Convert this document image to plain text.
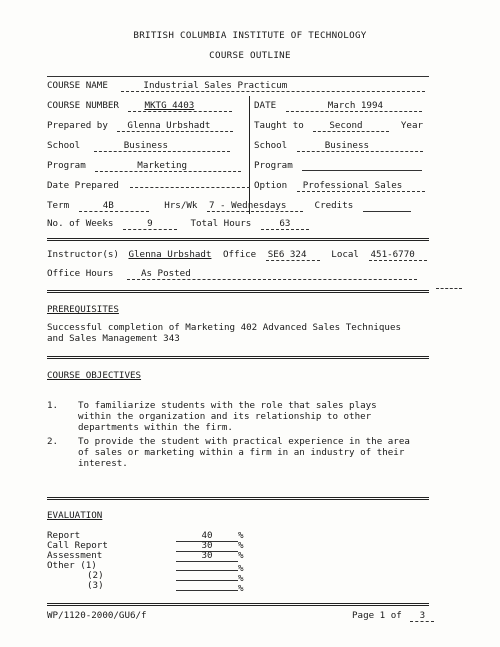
BRITISH COLUMBIA INSTITUTE OF TECHNOLOGY
COURSE OUTLINE
COURSE NAME	Industrial Sales Practicum
COURSE NUMBER	MKTG 4403	DATE	March 1994
Prepared by Glenna Urbshadt	Taught to	Second	Year
School	Business	School	Business
Program	Marketing	Program
Date Prepared	Option Professional Sales
Term	4B	Hrs/Wk 7 - Wednesdays	Credits
No. of Weeks	9	Total Hours	63
Instructor(s) Glenna Urbshadt Office SE6 324	Local 451-6770
Office Hours	As Posted
PREREQUISITES
Successful completion of Marketing 402 Advanced Sales Techniques
and Sales Management 343
COURSE OBJECTIVES
1. To familiarize students with the role that sales plays
within the organization and its relationship to other
departments within the firm.
2. To provide the student with practical experience in the area
of sales or marketing within a firm in an industry of their
interest.
EVALUATION
Report	40	%
Call Report	30	%
Assessment	30	%
Other (1)	%
(2)	%
(3)	%
WP/1120-2000/GU6/f	Page 1 of 3
